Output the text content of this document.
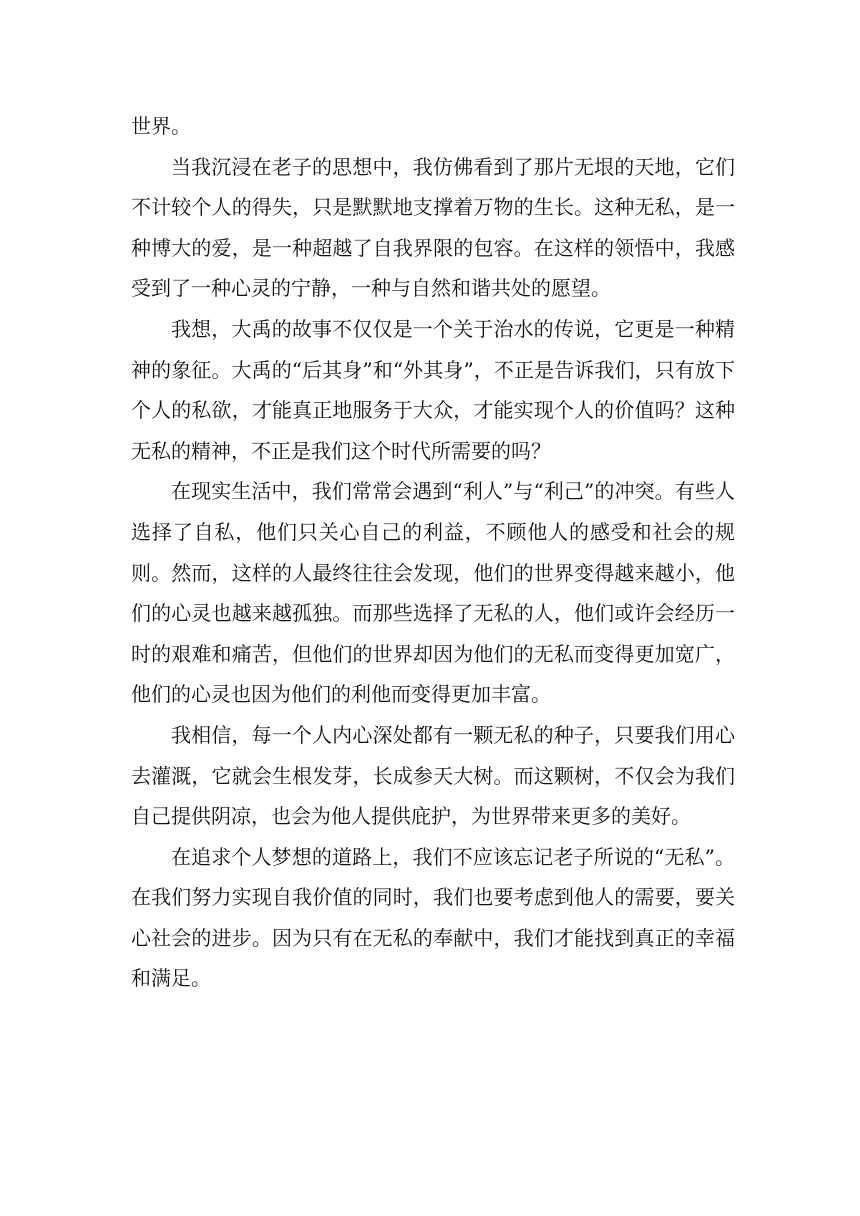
世界。

当我沉浸在老子的思想中，我仿佛看到了那片无垠的天地，它们不计较个人的得失，只是默默地支撑着万物的生长。这种无私，是一种博大的爱，是一种超越了自我界限的包容。在这样的领悟中，我感受到了一种心灵的宁静，一种与自然和谐共处的愿望。

我想，大禹的故事不仅仅是一个关于治水的传说，它更是一种精神的象征。大禹的“后其身”和“外其身”，不正是告诉我们，只有放下个人的私欲，才能真正地服务于大众，才能实现个人的价值吗？这种无私的精神，不正是我们这个时代所需要的吗？

在现实生活中，我们常常会遇到“利人”与“利己”的冲突。有些人选择了自私，他们只关心自己的利益，不顾他人的感受和社会的规则。然而，这样的人最终往往会发现，他们的世界变得越来越小，他们的心灵也越来越孤独。而那些选择了无私的人，他们或许会经历一时的艰难和痛苦，但他们的世界却因为他们的无私而变得更加宽广，他们的心灵也因为他们的利他而变得更加丰富。

我相信，每一个人内心深处都有一颗无私的种子，只要我们用心去灌溉，它就会生根发芽，长成参天大树。而这颗树，不仅会为我们自己提供阴凉，也会为他人提供庇护，为世界带来更多的美好。

在追求个人梦想的道路上，我们不应该忘记老子所说的“无私”。在我们努力实现自我价值的同时，我们也要考虑到他人的需要，要关心社会的进步。因为只有在无私的奉献中，我们才能找到真正的幸福和满足。
